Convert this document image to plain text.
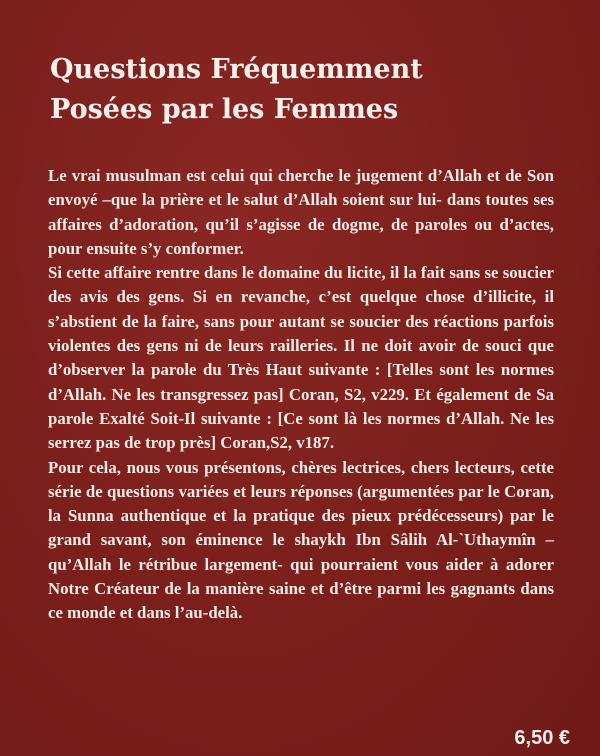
Questions Fréquemment
Posées par les Femmes

Le vrai musulman est celui qui cherche le jugement d’Allah et de Son envoyé –que la prière et le salut d’Allah soient sur lui- dans toutes ses affaires d’adoration, qu’il s’agisse de dogme, de paroles ou d’actes, pour ensuite s’y conformer.

Si cette affaire rentre dans le domaine du licite, il la fait sans se soucier des avis des gens. Si en revanche, c’est quelque chose d’illicite, il s’abstient de la faire, sans pour autant se soucier des réactions parfois violentes des gens ni de leurs railleries. Il ne doit avoir de souci que d’observer la parole du Très Haut suivante : [Telles sont les normes d’Allah. Ne les transgressez pas] Coran, S2, v229. Et également de Sa parole Exalté Soit-Il suivante : [Ce sont là les normes d’Allah. Ne les serrez pas de trop près] Coran,S2, v187.

Pour cela, nous vous présentons, chères lectrices, chers lecteurs, cette série de questions variées et leurs réponses (argumentées par le Coran, la Sunna authentique et la pratique des pieux prédécesseurs) par le grand savant, son éminence le shaykh Ibn Sâlih Al-`Uthaymîn –qu’Allah le rétribue largement- qui pourraient vous aider à adorer Notre Créateur de la manière saine et d’être parmi les gagnants dans ce monde et dans l’au-delà.

6,50 €
